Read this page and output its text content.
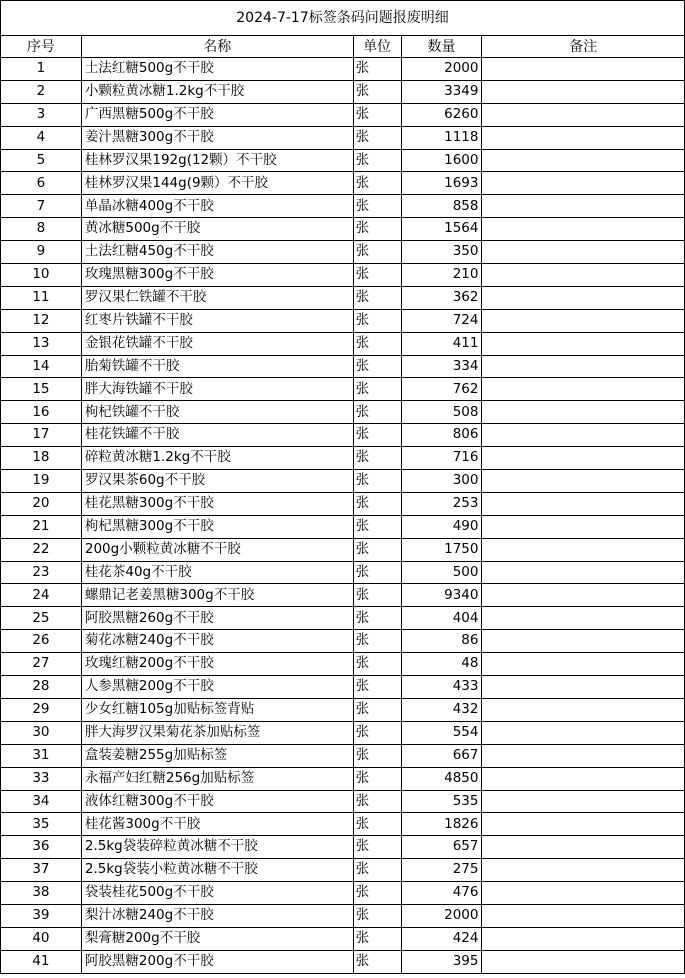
2024-7-17标签条码问题报废明细				
序号	名称	单位	数量	备注
1	土法红糖500g不干胶	张	2000	
2	小颗粒黄冰糖1.2kg不干胶	张	3349	
3	广西黑糖500g不干胶	张	6260	
4	姜汁黑糖300g不干胶	张	1118	
5	桂林罗汉果192g(12颗）不干胶	张	1600	
6	桂林罗汉果144g(9颗）不干胶	张	1693	
7	单晶冰糖400g不干胶	张	858	
8	黄冰糖500g不干胶	张	1564	
9	土法红糖450g不干胶	张	350	
10	玫瑰黑糖300g不干胶	张	210	
11	罗汉果仁铁罐不干胶	张	362	
12	红枣片铁罐不干胶	张	724	
13	金银花铁罐不干胶	张	411	
14	胎菊铁罐不干胶	张	334	
15	胖大海铁罐不干胶	张	762	
16	枸杞铁罐不干胶	张	508	
17	桂花铁罐不干胶	张	806	
18	碎粒黄冰糖1.2kg不干胶	张	716	
19	罗汉果茶60g不干胶	张	300	
20	桂花黑糖300g不干胶	张	253	
21	枸杞黑糖300g不干胶	张	490	
22	200g小颗粒黄冰糖不干胶	张	1750	
23	桂花茶40g不干胶	张	500	
24	螺鼎记老姜黑糖300g不干胶	张	9340	
25	阿胶黑糖260g不干胶	张	404	
26	菊花冰糖240g不干胶	张	86	
27	玫瑰红糖200g不干胶	张	48	
28	人参黑糖200g不干胶	张	433	
29	少女红糖105g加贴标签背贴	张	432	
30	胖大海罗汉果菊花茶加贴标签	张	554	
31	盒装姜糖255g加贴标签	张	667	
33	永福产妇红糖256g加贴标签	张	4850	
34	液体红糖300g不干胶	张	535	
35	桂花酱300g不干胶	张	1826	
36	2.5kg袋装碎粒黄冰糖不干胶	张	657	
37	2.5kg袋装小粒黄冰糖不干胶	张	275	
38	袋装桂花500g不干胶	张	476	
39	梨汁冰糖240g不干胶	张	2000	
40	梨膏糖200g不干胶	张	424	
41	阿胶黑糖200g不干胶	张	395	
